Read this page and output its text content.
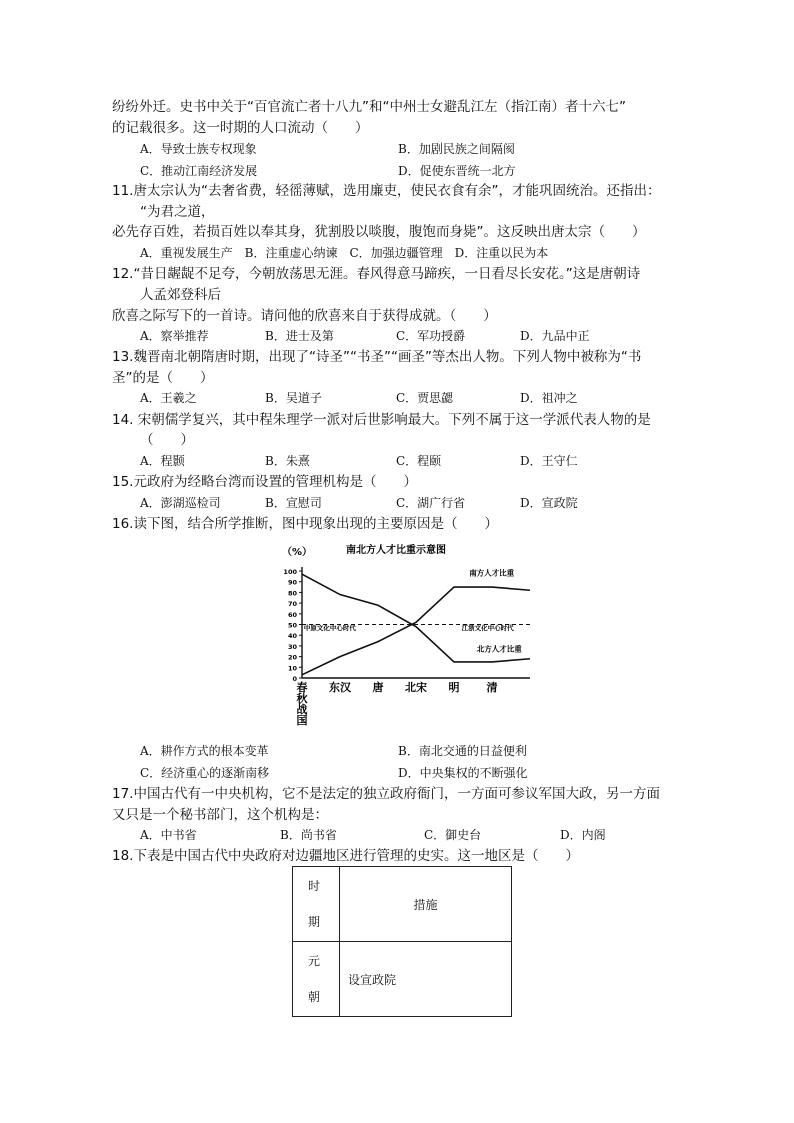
纷纷外迁。史书中关于“百官流亡者十八九”和“中州士女避乱江左（指江南）者十六七”
的记载很多。这一时期的人口流动（　　）
A．导致士族专权现象	B．加剧民族之间隔阂
C．推动江南经济发展	D．促使东晋统一北方
11.唐太宗认为“去奢省费，轻徭薄赋，选用廉吏，使民衣食有余”，才能巩固统治。还指出：
“为君之道，
必先存百姓，若损百姓以奉其身，犹割股以啖腹，腹饱而身毙”。这反映出唐太宗（　　）
A．重视发展生产　B．注重虚心纳谏　C．加强边疆管理　D．注重以民为本
12.“昔日龌龊不足夸，今朝放荡思无涯。春风得意马蹄疾，一日看尽长安花。”这是唐朝诗
人孟郊登科后
欣喜之际写下的一首诗。请问他的欣喜来自于获得成就。（　　）
A．察举推荐	B．进士及第	C．军功授爵	D．九品中正
13.魏晋南北朝隋唐时期，出现了“诗圣”“书圣”“画圣”等杰出人物。下列人物中被称为“书
圣”的是（　　）
A．王羲之	B．吴道子	C．贾思勰	D．祖冲之
14. 宋朝儒学复兴，其中程朱理学一派对后世影响最大。下列不属于这一学派代表人物的是
（　　）
A．程颢	B．朱熹	C．程颐	D．王守仁
15.元政府为经略台湾而设置的管理机构是（　　）
A．澎湖巡检司	B．宣慰司	C．湖广行省	D．宣政院
16.读下图，结合所学推断，图中现象出现的主要原因是（　　）
（%）	南北方人才比重示意图
0
10
20
30
40
50
60
70
80
90
100	南方人才比重
北方人才比重
中原文化中心时代	江浙文化中心时代
春秋战国
东汉 唐 北宋 明 清
A．耕作方式的根本变革	B．南北交通的日益便利
C．经济重心的逐渐南移	D．中央集权的不断强化
17.中国古代有一中央机构，它不是法定的独立政府衙门，一方面可参议军国大政，另一方面
又只是一个秘书部门，这个机构是：
A．中书省	B．尚书省	C．御史台	D．内阁
18.下表是中国古代中央政府对边疆地区进行管理的史实。这一地区是（　　）
时
期	措施

元
朝	设宣政院
